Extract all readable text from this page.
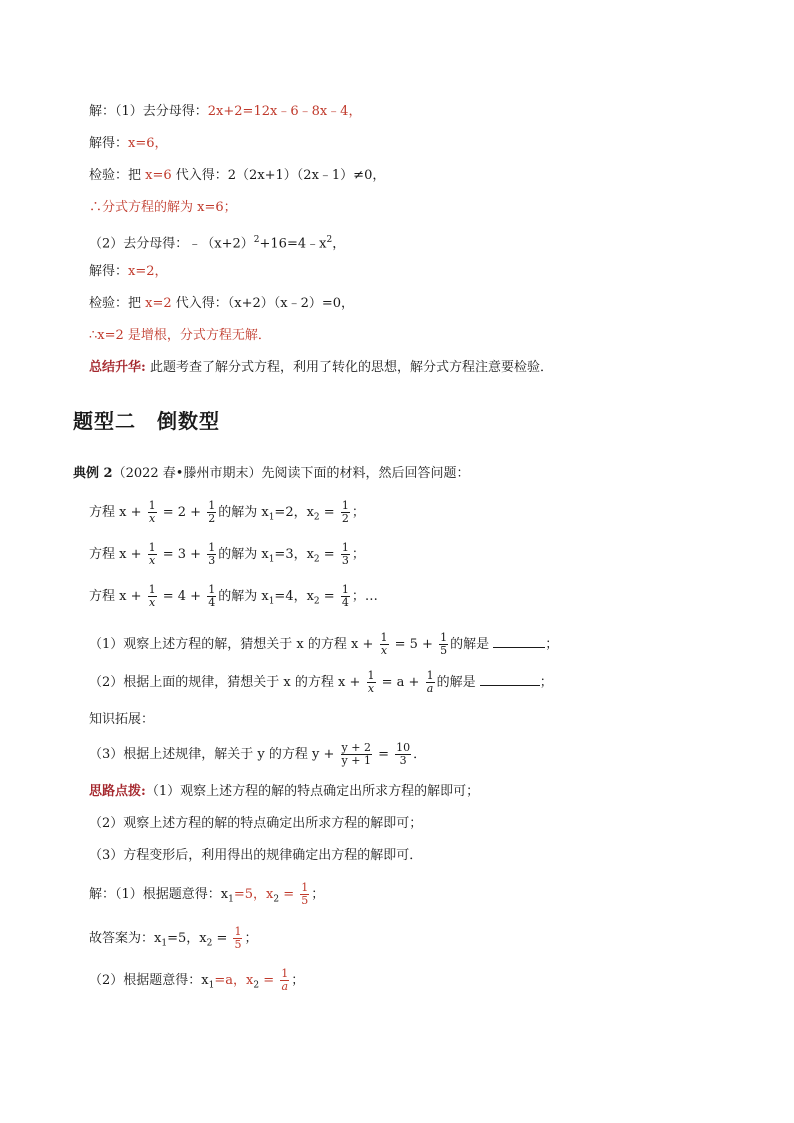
解：（1）去分母得：2x+2=12x﹣6﹣8x﹣4，
解得：x=6，
检验：把 x=6 代入得：2（2x+1）（2x﹣1）≠0，
∴分式方程的解为 x=6；
（2）去分母得：$﹣(x+2)^2+16=4﹣x^2$，
解得：x=2，
检验：把 x=2 代入得：（x+2）（x﹣2）=0，
∴x=2 是增根，分式方程无解．
总结升华: 此题考查了解分式方程，利用了转化的思想，解分式方程注意要检验．
题型二　倒数型
典例 2（2022 春•滕州市期末）先阅读下面的材料，然后回答问题：
方程 $x + \frac{1}{x} = 2 + \frac{1}{2}$ 的解为 $x_1=2$，$x_2 = \frac{1}{2}$ ；
方程 $x + \frac{1}{x} = 3 + \frac{1}{3}$ 的解为 $x_1=3$，$x_2 = \frac{1}{3}$ ；
方程 $x + \frac{1}{x} = 4 + \frac{1}{4}$ 的解为 $x_1=4$，$x_2 = \frac{1}{4}$ ；…
（1）观察上述方程的解，猜想关于 x 的方程 $x + \frac{1}{x} = 5 + \frac{1}{5}$ 的解是	；
（2）根据上面的规律，猜想关于 x 的方程 $x + \frac{1}{x} = a + \frac{1}{a}$ 的解是	；
知识拓展：
（3）根据上述规律，解关于 y 的方程 $y + \frac{y + 2}{y + 1} = \frac{10}{3}$ ．
思路点拨:（1）观察上述方程的解的特点确定出所求方程的解即可；
（2）观察上述方程的解的特点确定出所求方程的解即可；
（3）方程变形后，利用得出的规律确定出方程的解即可．
解：（1）根据题意得：$x_1=5$，$x_2 = \frac{1}{5}$ ；
故答案为：$x_1=5$，$x_2 = \frac{1}{5}$ ；
（2）根据题意得：$x_1=a$，$x_2 = \frac{1}{a}$ ；
